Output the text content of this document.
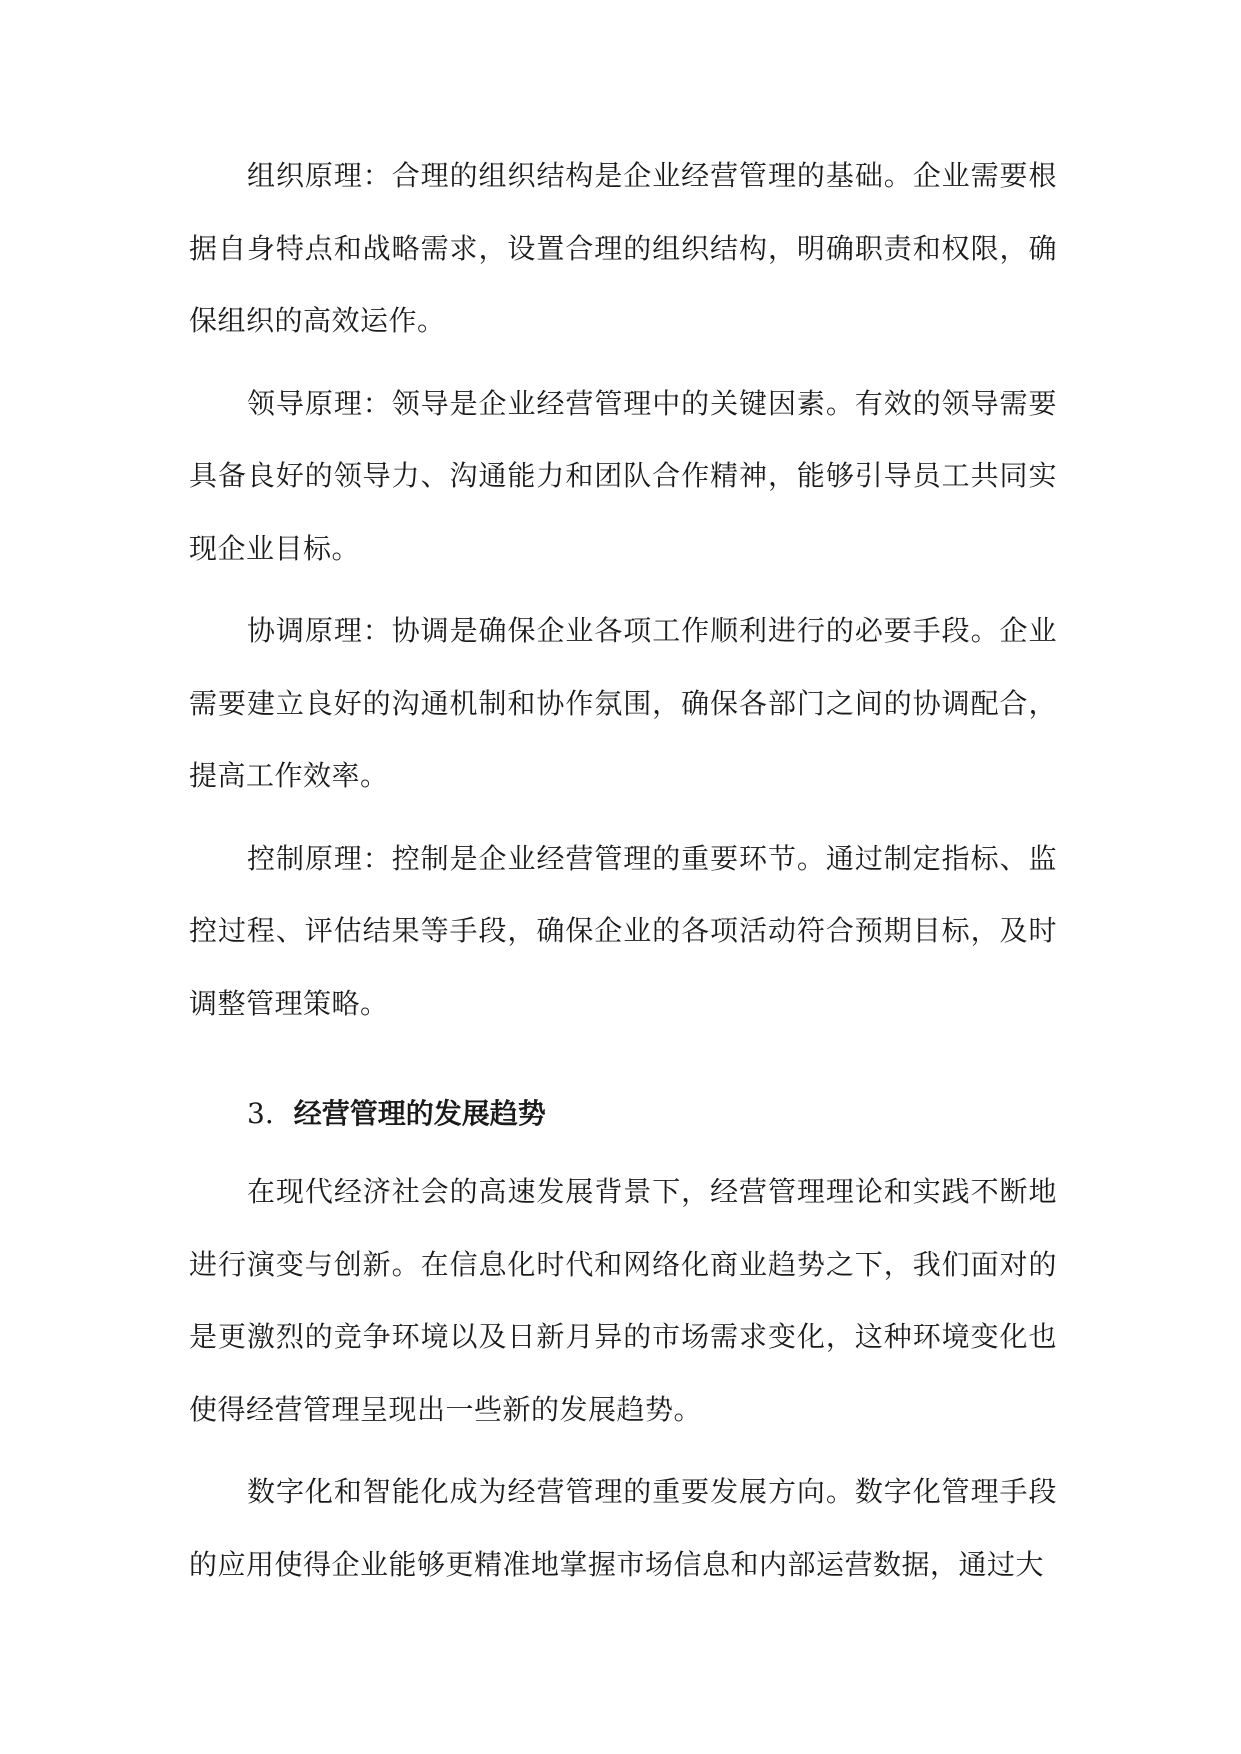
组织原理：合理的组织结构是企业经营管理的基础。企业需要根据自身特点和战略需求，设置合理的组织结构，明确职责和权限，确保组织的高效运作。

领导原理：领导是企业经营管理中的关键因素。有效的领导需要具备良好的领导力、沟通能力和团队合作精神，能够引导员工共同实现企业目标。

协调原理：协调是确保企业各项工作顺利进行的必要手段。企业需要建立良好的沟通机制和协作氛围，确保各部门之间的协调配合，提高工作效率。

控制原理：控制是企业经营管理的重要环节。通过制定指标、监控过程、评估结果等手段，确保企业的各项活动符合预期目标，及时调整管理策略。

3. 经营管理的发展趋势

在现代经济社会的高速发展背景下，经营管理理论和实践不断地进行演变与创新。在信息化时代和网络化商业趋势之下，我们面对的是更激烈的竞争环境以及日新月异的市场需求变化，这种环境变化也使得经营管理呈现出一些新的发展趋势。

数字化和智能化成为经营管理的重要发展方向。数字化管理手段的应用使得企业能够更精准地掌握市场信息和内部运营数据，通过大
